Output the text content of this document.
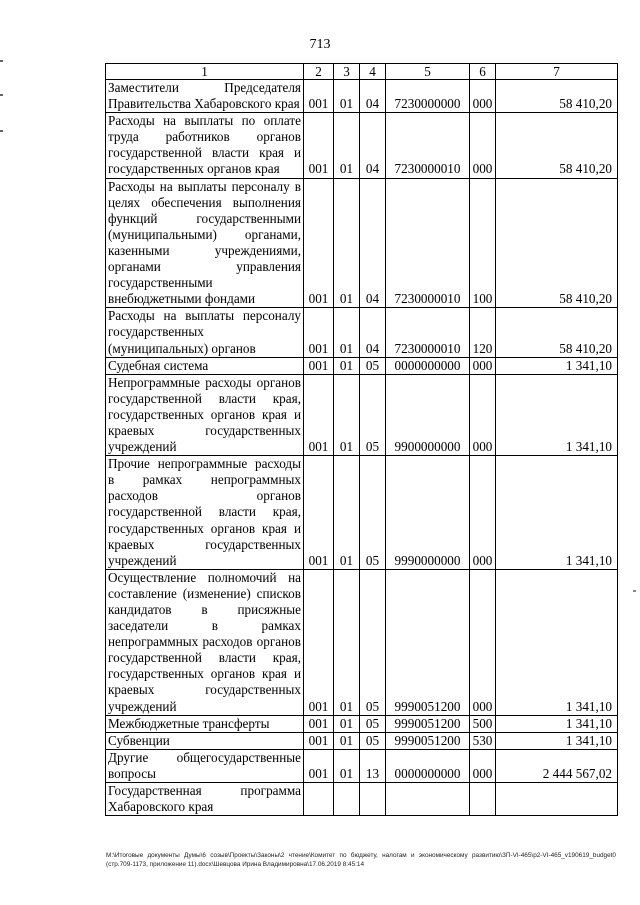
713
1	2	3	4	5	6	7
Заместители Председателя Правительства Хабаровского края	001	01	04	7230000000	000	58 410,20
Расходы на выплаты по оплате труда работников органов государственной власти края и государственных органов края	001	01	04	7230000010	000	58 410,20
Расходы на выплаты персоналу в целях обеспечения выполнения функций государственными (муниципальными) органами, казенными учреждениями, органами управления государственными внебюджетными фондами	001	01	04	7230000010	100	58 410,20
Расходы на выплаты персоналу государственных (муниципальных) органов	001	01	04	7230000010	120	58 410,20
Судебная система	001	01	05	0000000000	000	1 341,10
Непрограммные расходы органов государственной власти края, государственных органов края и краевых государственных учреждений	001	01	05	9900000000	000	1 341,10
Прочие непрограммные расходы в рамках непрограммных расходов органов государственной власти края, государственных органов края и краевых государственных учреждений	001	01	05	9990000000	000	1 341,10
Осуществление полномочий на составление (изменение) списков кандидатов в присяжные заседатели в рамках непрограммных расходов органов государственной власти края, государственных органов края и краевых государственных учреждений	001	01	05	9990051200	000	1 341,10
Межбюджетные трансферты	001	01	05	9990051200	500	1 341,10
Субвенции	001	01	05	9990051200	530	1 341,10
Другие общегосударственные вопросы	001	01	13	0000000000	000	2 444 567,02
Государственная программа Хабаровского края						
M:\Итоговые документы Думы\6 созыв\Проекты\Законы\2 чтение\Комитет по бюджету, налогам и экономическому развитию\ЗП-VI-465\р2-VI-465_v190619_budget0 (стр.709-1173, приложение 11).docx\Шевцова Ирина Владимировна\17.06.2019 8:45:14
